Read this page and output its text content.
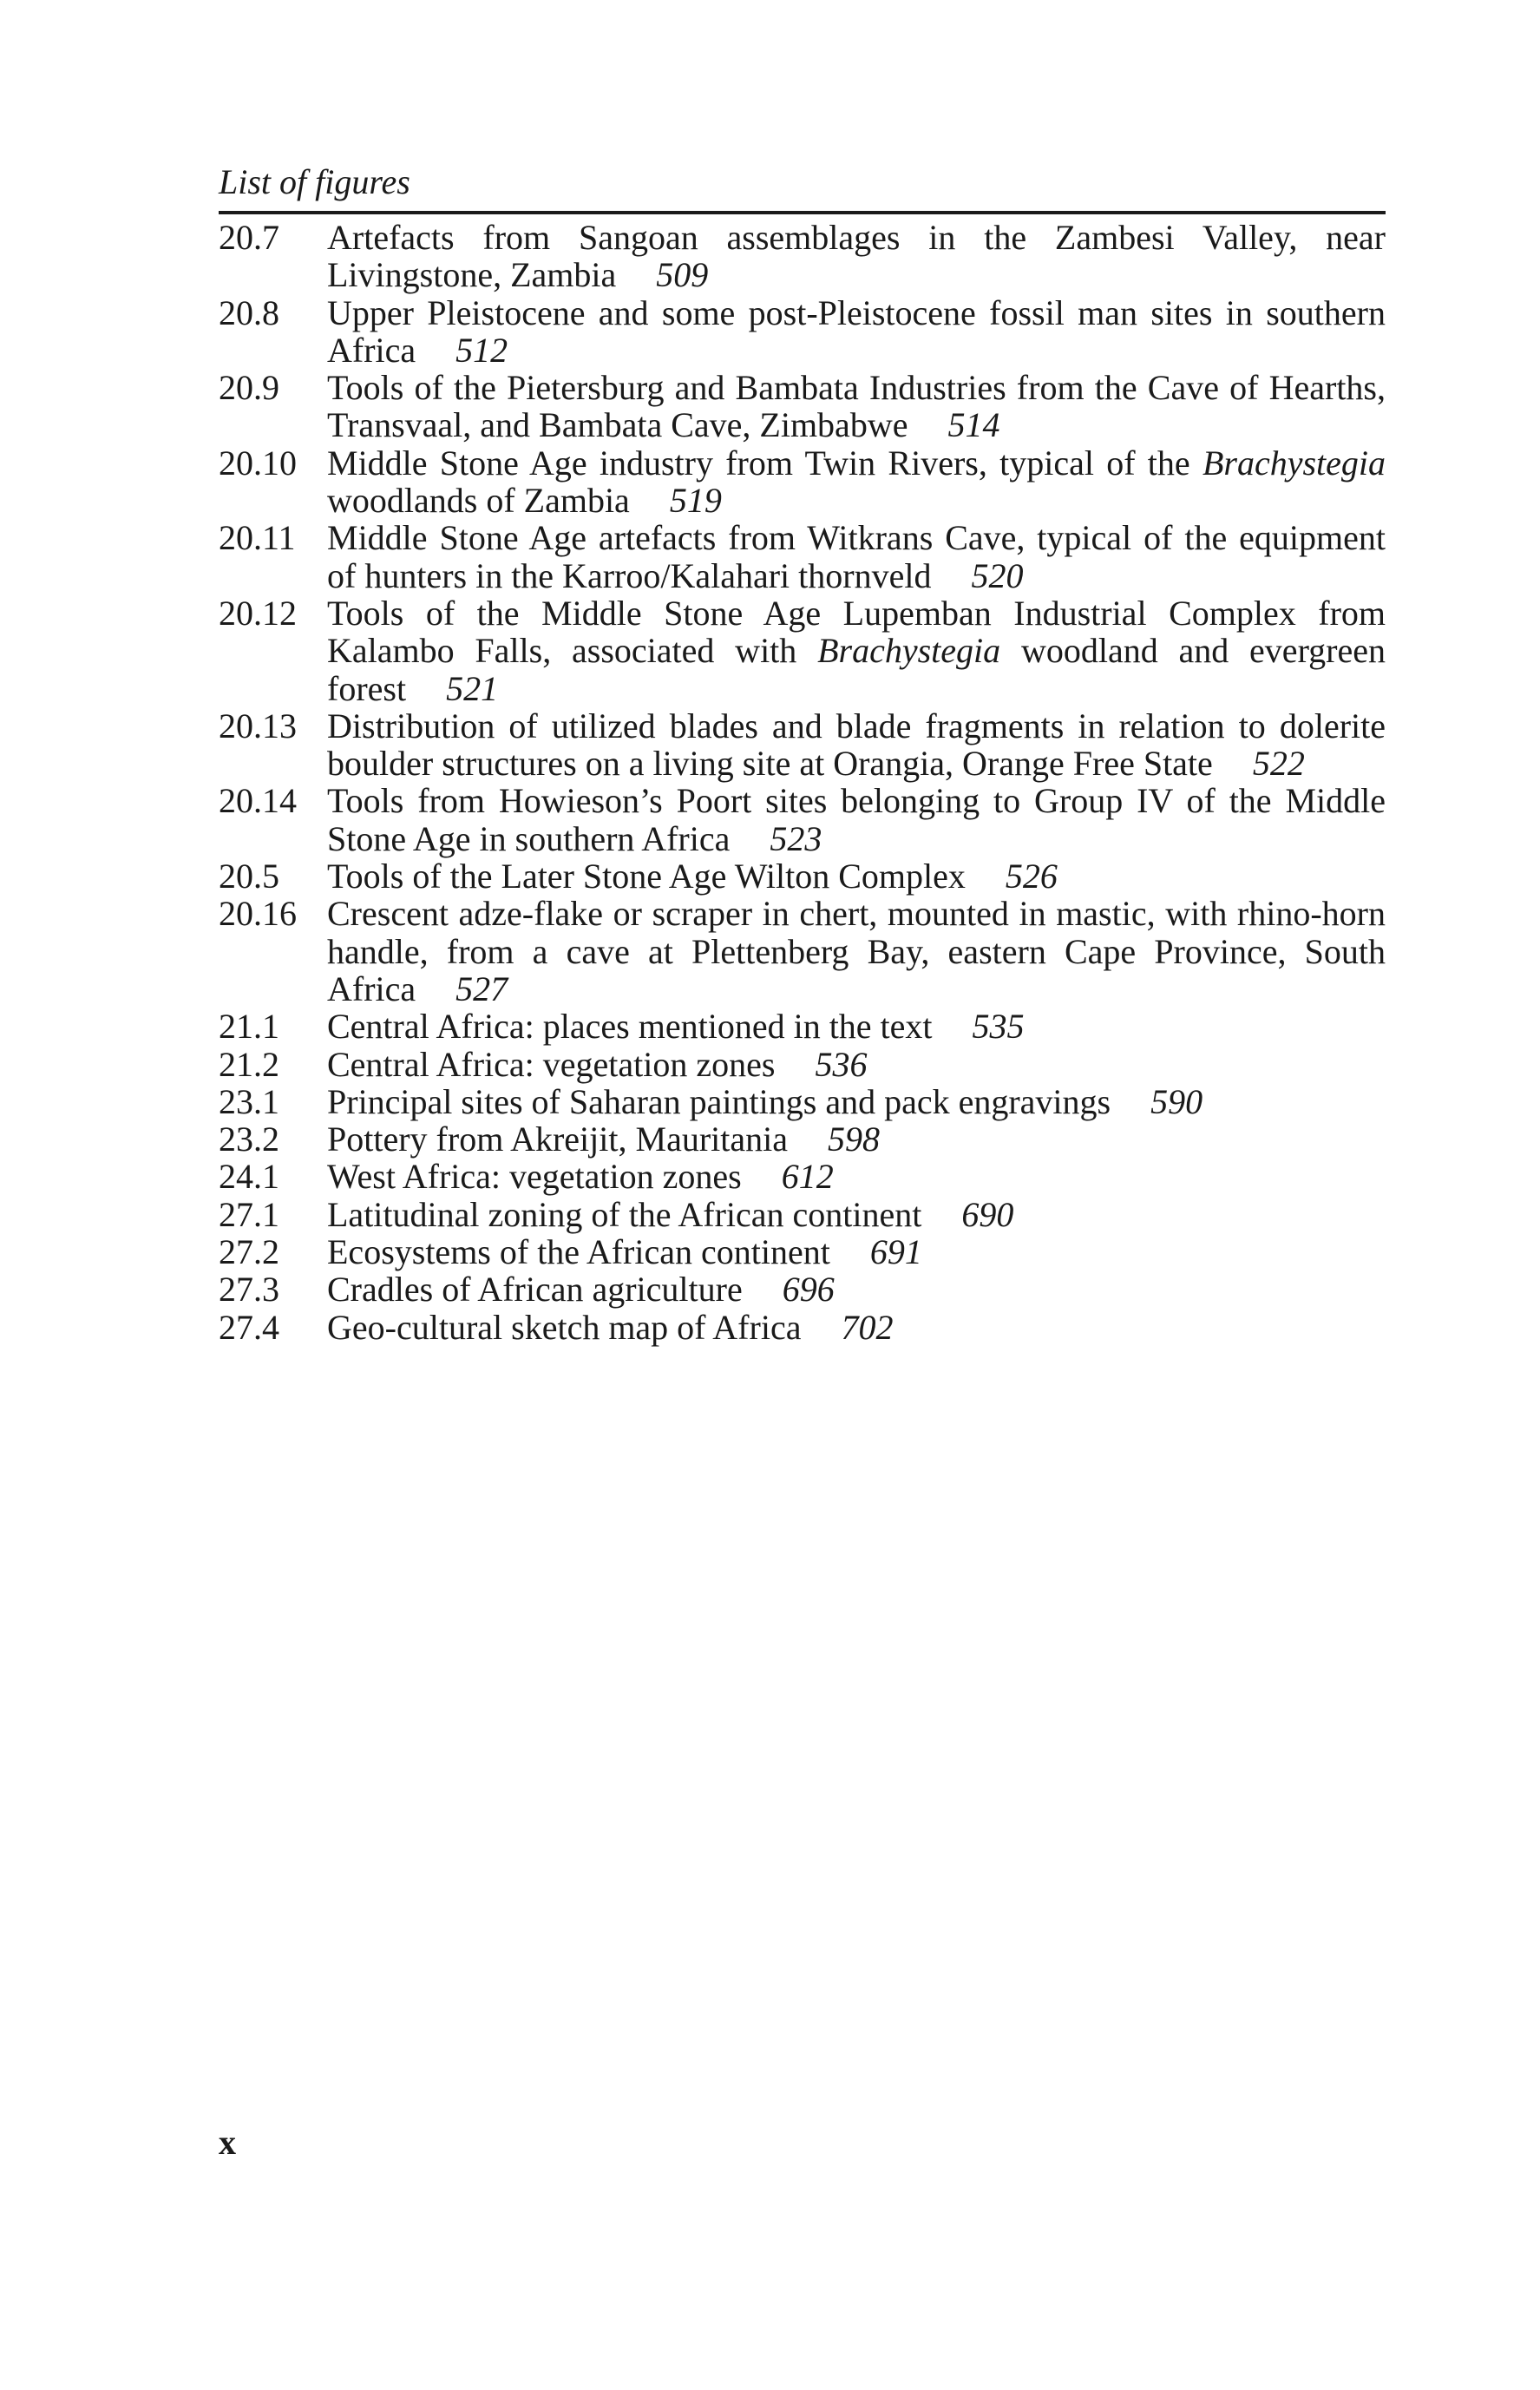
List of figures
20.7	Artefacts from Sangoan assemblages in the Zambesi Valley, near Livingstone, Zambia 509
20.8	Upper Pleistocene and some post-Pleistocene fossil man sites in southern Africa 512
20.9	Tools of the Pietersburg and Bambata Industries from the Cave of Hearths, Transvaal, and Bambata Cave, Zimbabwe 514
20.10 Middle Stone Age industry from Twin Rivers, typical of the Brachystegia woodlands of Zambia 519
20.11 Middle Stone Age artefacts from Witkrans Cave, typical of the equipment of hunters in the Karroo/Kalahari thornveld 520
20.12 Tools of the Middle Stone Age Lupemban Industrial Complex from Kalambo Falls, associated with Brachystegia woodland and evergreen forest 521
20.13 Distribution of utilized blades and blade fragments in relation to dolerite boulder structures on a living site at Orangia, Orange Free State 522
20.14 Tools from Howieson’s Poort sites belonging to Group IV of the Middle Stone Age in southern Africa 523
20.5	Tools of the Later Stone Age Wilton Complex 526
20.16 Crescent adze-flake or scraper in chert, mounted in mastic, with rhino-horn handle, from a cave at Plettenberg Bay, eastern Cape Province, South Africa 527
21.1	Central Africa: places mentioned in the text 535
21.2	Central Africa: vegetation zones 536
23.1	Principal sites of Saharan paintings and pack engravings 590
23.2	Pottery from Akreijit, Mauritania 598
24.1	West Africa: vegetation zones 612
27.1	Latitudinal zoning of the African continent 690
27.2	Ecosystems of the African continent 691
27.3	Cradles of African agriculture 696
27.4	Geo-cultural sketch map of Africa 702
x
